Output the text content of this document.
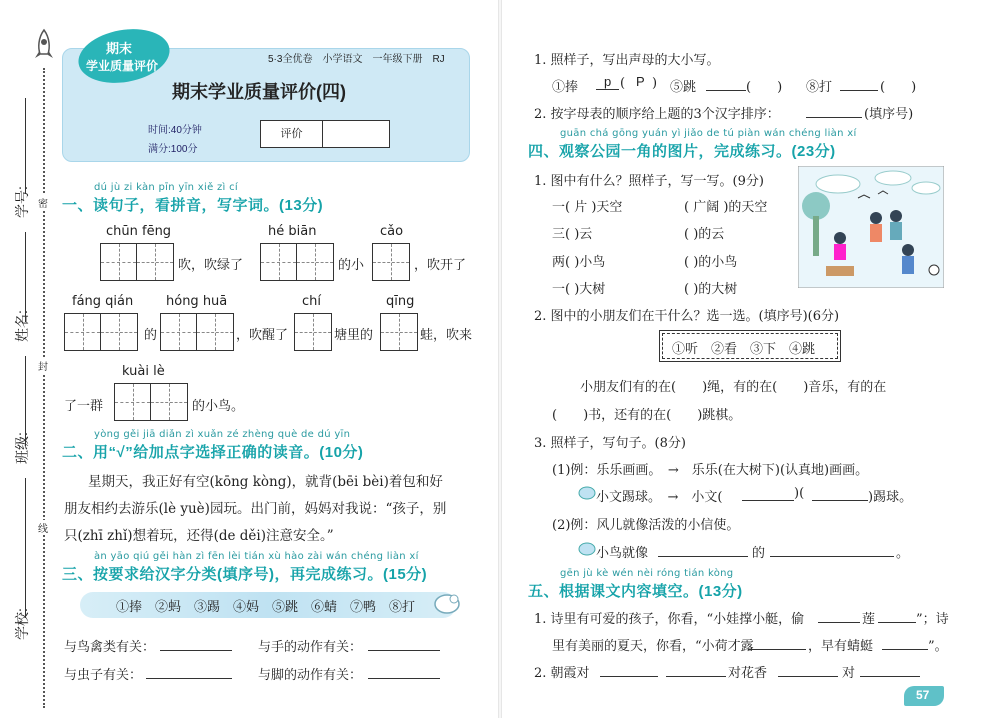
学号:
姓名:
班级:
学校:
密
封
线
期末
学业质量评价	5·3全优卷　小学语文　一年级下册　RJ
期末学业质量评价(四)
时间:40分钟
满分:100分
评价
dú jù zi kàn pīn yīn xiě zì cí
一、读句子，看拼音，写字词。(13分)
chūn fēng	hé biān	cǎo
吹，吹绿了	的小	，吹开了
fáng qián	hóng huā	chí	qīng
的	，吹醒了	塘里的	蛙，吹来
kuài lè
了一群	的小鸟。
yòng gěi jiā diǎn zì xuǎn zé zhèng què de dú yīn
二、用“√”给加点字选择正确的读音。(10分)
星期天，我正好有空(kōng kòng)，就背(bēi bèi)着包和好
朋友相约去游乐(lè yuè)园玩。出门前，妈妈对我说：“孩子，别
只(zhī zhǐ)想着玩，还得(de děi)注意安全。”
àn yāo qiú gěi hàn zì fēn lèi tián xù hào zài wán chéng liàn xí
三、按要求给汉字分类(填序号)，再完成练习。(15分)
①捧　②蚂　③踢　④妈　⑤跳　⑥蜻　⑦鸭　⑧打
与鸟禽类有关：	与手的动作有关：
与虫子有关：	与脚的动作有关：
1. 照样子，写出声母的大小写。
①捧	p ( P ) ⑤跳	(　　) ⑧打	(　　)
2. 按字母表的顺序给上题的3个汉字排序：	(填序号)
guān chá gōng yuán yì jiǎo de tú piàn wán chéng liàn xí
四、观察公园一角的图片，完成练习。(23分)
1. 图中有什么？照样子，写一写。(9分)
一( 片 )天空	( 广阔 )的天空
三( )云	( )的云
两( )小鸟	( )的小鸟
一( )大树	( )的大树
2. 图中的小朋友们在干什么？选一选。(填序号)(6分)
①听　②看　③下　④跳
小朋友们有的在(　　)绳，有的在(　　)音乐，有的在
(　　)书，还有的在(　　)跳棋。
3. 照样子，写句子。(8分)
(1)例：乐乐画画。　→　乐乐(在大树下)(认真地)画画。
小文踢球。　→　小文(	)(	)踢球。
(2)例：风儿就像活泼的小信使。
小鸟就像	的	。
gēn jù kè wén nèi róng tián kòng
五、根据课文内容填空。(13分)
1. 诗里有可爱的孩子，你看，“小娃撑小艇，偷	莲	”；诗
里有美丽的夏天，你看，“小荷才露	，早有蜻蜓	”。
2. 朝霞对	对花香	对
57
